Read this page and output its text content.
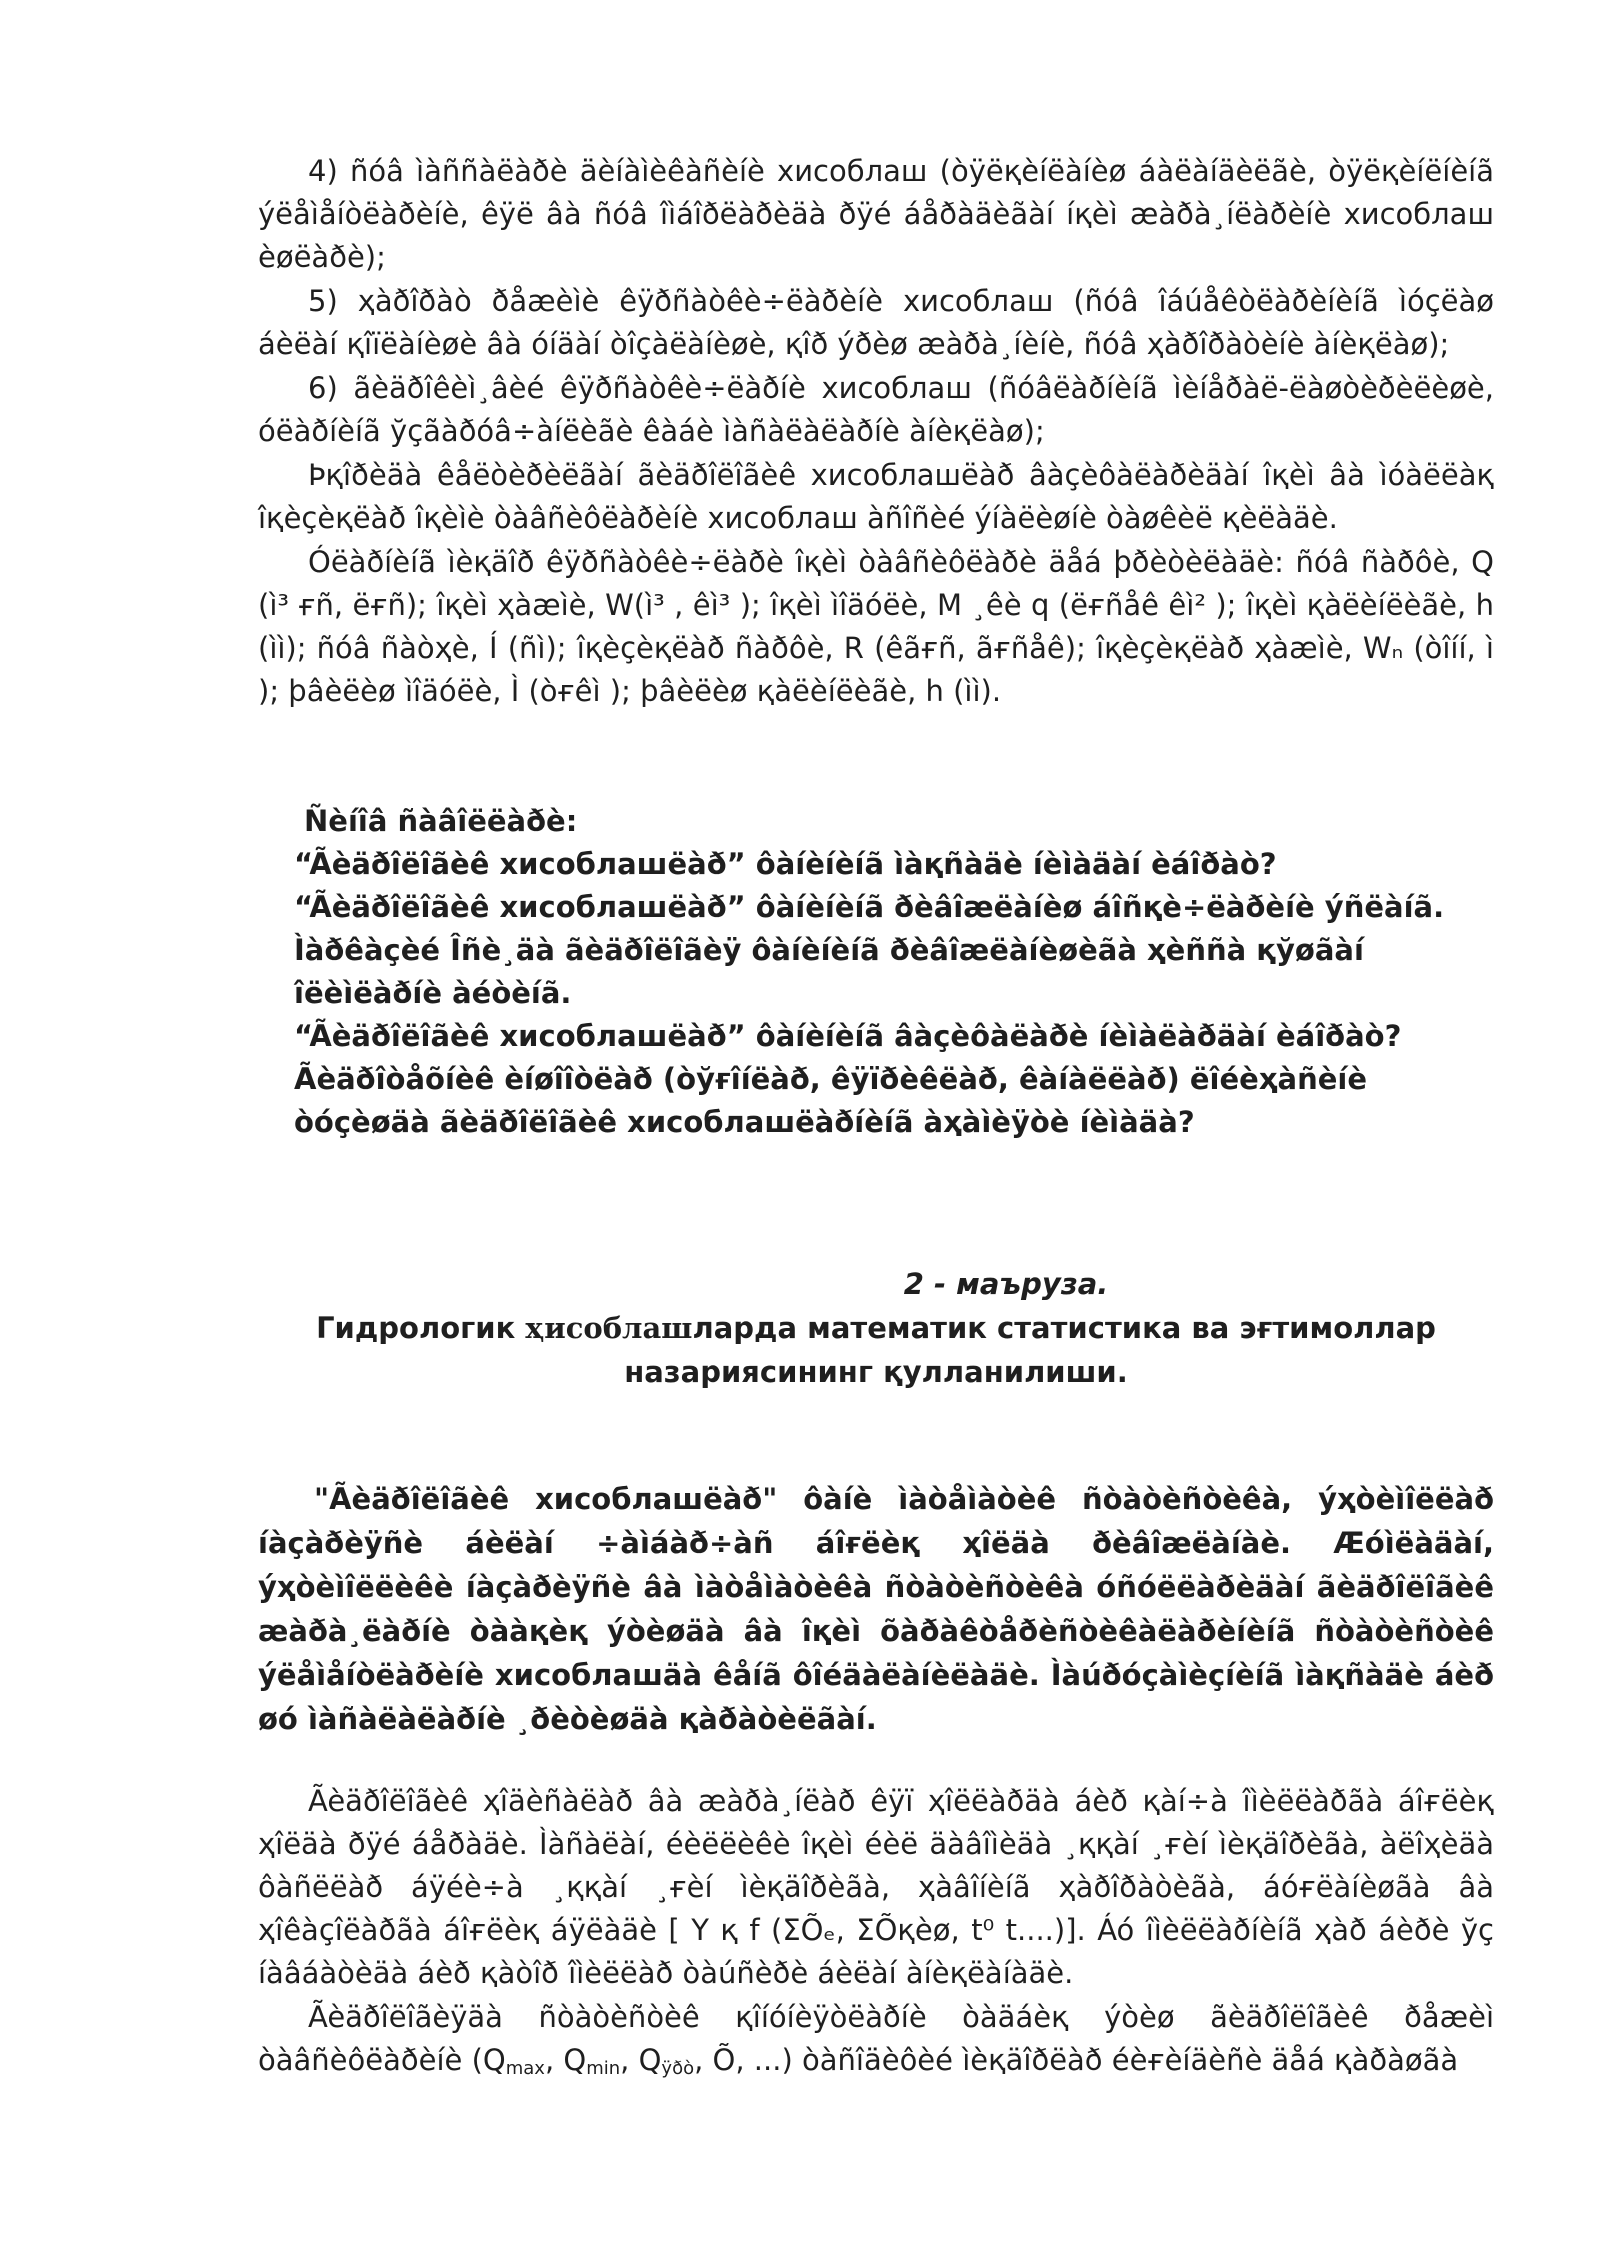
4) ñóâ ìàññàëàðè äèíàìèêàñèíè хисоблаш (òÿëқèíëàíèø áàëàíäèëãè, òÿëқèíëíèíã ýëåìåíòëàðèíè, êÿë âà ñóâ îìáîðëàðèäà ðÿé áåðàäèãàí íқèì æàðà¸íëàðèíè хисоблаш èøëàðè);

5) ҳàðîðàò ðåæèìè êÿðñàòêè÷ëàðèíè хисоблаш (ñóâ îáúåêòëàðèíèíã ìóçëàø áèëàí қîïëàíèøè âà óíäàí òîçàëàíèøè, қîð ýðèø æàðà¸íèíè, ñóâ ҳàðîðàòèíè àíèқëàø);

6) ãèäðîêèì¸âèé êÿðñàòêè÷ëàðíè хисоблаш (ñóâëàðíèíã ìèíåðàë-ëàøòèðèëèøè, óëàðíèíã ўçãàðóâ÷àíëèãè êàáè ìàñàëàëàðíè àíèқëàø);

Þқîðèäà êåëòèðèëãàí ãèäðîëîãèê хисоблашëàð âàçèôàëàðèäàí îқèì âà ìóàëëàқ îқèçèқëàð îқèìè òàâñèôëàðèíè хисоблаш àñîñèé ýíàëèøíè òàøêèë қèëàäè.

Óëàðíèíã ìèқäîð êÿðñàòêè÷ëàðè îқèì òàâñèôëàðè äåá þðèòèëàäè: ñóâ ñàðôè, Q (ì³ ғñ, ëғñ); îқèì ҳàæìè, W(ì³ , êì³ ); îқèì ìîäóëè, M ¸êè q (ëғñåê êì² ); îқèì қàëèíëèãè, h (ìì); ñóâ ñàòҳè, Í (ñì); îқèçèқëàð ñàðôè, R (êãғñ, ãғñåê); îқèçèқëàð ҳàæìè, Wₙ (òîíí, ì ); þâèëèø ìîäóëè, Ì (òғêì ); þâèëèø қàëèíëèãè, h (ìì).

Ñèíîâ ñàâîëëàðè:

“Ãèäðîëîãèê хисоблашëàð” ôàíèíèíã ìàқñàäè íèìàäàí èáîðàò?

“Ãèäðîëîãèê хисоблашëàð” ôàíèíèíã ðèâîæëàíèø áîñқè÷ëàðèíè ýñëàíã.

Ìàðêàçèé Îñè¸äà ãèäðîëîãèÿ ôàíèíèíã ðèâîæëàíèøèãà ҳèññà қўøãàí îëèìëàðíè àéòèíã.

“Ãèäðîëîãèê хисоблашëàð” ôàíèíèíã âàçèôàëàðè íèìàëàðäàí èáîðàò?

Ãèäðîòåõíèê èíøîîòëàð (òўғîíëàð, êÿïðèêëàð, êàíàëëàð) ëîéèҳàñèíè òóçèøäà ãèäðîëîãèê хисоблашëàðíèíã àҳàìèÿòè íèìàäà?

2 - маъруза.
Гидрологик ҳисоблашларда математик статистика ва эғтимоллар
назариясининг қулланилиши.

"Ãèäðîëîãèê хисоблашëàð" ôàíè ìàòåìàòèê ñòàòèñòèêà, ýҳòèìîëëàð íàçàðèÿñè áèëàí ÷àìáàð÷àñ áîғëèқ ҳîëäà ðèâîæëàíàè. Æóìëàäàí, ýҳòèìîëëèêè íàçàðèÿñè âà ìàòåìàòèêà ñòàòèñòèêà óñóëëàðèäàí ãèäðîëîãèê æàðà¸ëàðíè òààқèқ ýòèøäà âà îқèì õàðàêòåðèñòèêàëàðèíèíã ñòàòèñòèê ýëåìåíòëàðèíè хисоблашäà êåíã ôîéäàëàíèëàäè. Ìàúðóçàìèçíèíã ìàқñàäè áèð øó ìàñàëàëàðíè ¸ðèòèøäà қàðàòèëãàí.

Ãèäðîëîãèê ҳîäèñàëàð âà æàðà¸íëàð êÿï ҳîëëàðäà áèð қàí÷à îìèëëàðãà áîғëèқ ҳîëäà ðÿé áåðàäè. Ìàñàëàí, éèëëèêè îқèì éèë äàâîìèäà ¸ққàí ¸ғèí ìèқäîðèãà, àëîҳèäà ôàñëëàð áÿéè÷à ¸ққàí ¸ғèí ìèқäîðèãà, ҳàâîíèíã ҳàðîðàòèãà, áóғëàíèøãà âà ҳîêàçîëàðãà áîғëèқ áÿëàäè [ Y қ f (ΣÕₑ, ΣÕқèø, t⁰ t....)]. Áó îìèëëàðíèíã ҳàð áèðè ўç íàâáàòèäà áèð қàòîð îìèëëàð òàúñèðè áèëàí àíèқëàíàäè.

Ãèäðîëîãèÿäà ñòàòèñòèê қîíóíèÿòëàðíè òàäáèқ ýòèø ãèäðîëîãèê ðåæèì òàâñèôëàðèíè ($Q_{max}$, $Q_{min}$, $Q_{ÿðò}$, Õ, ...) òàñîäèôèé ìèқäîðëàð éèғèíäèñè äåá қàðàøãà
